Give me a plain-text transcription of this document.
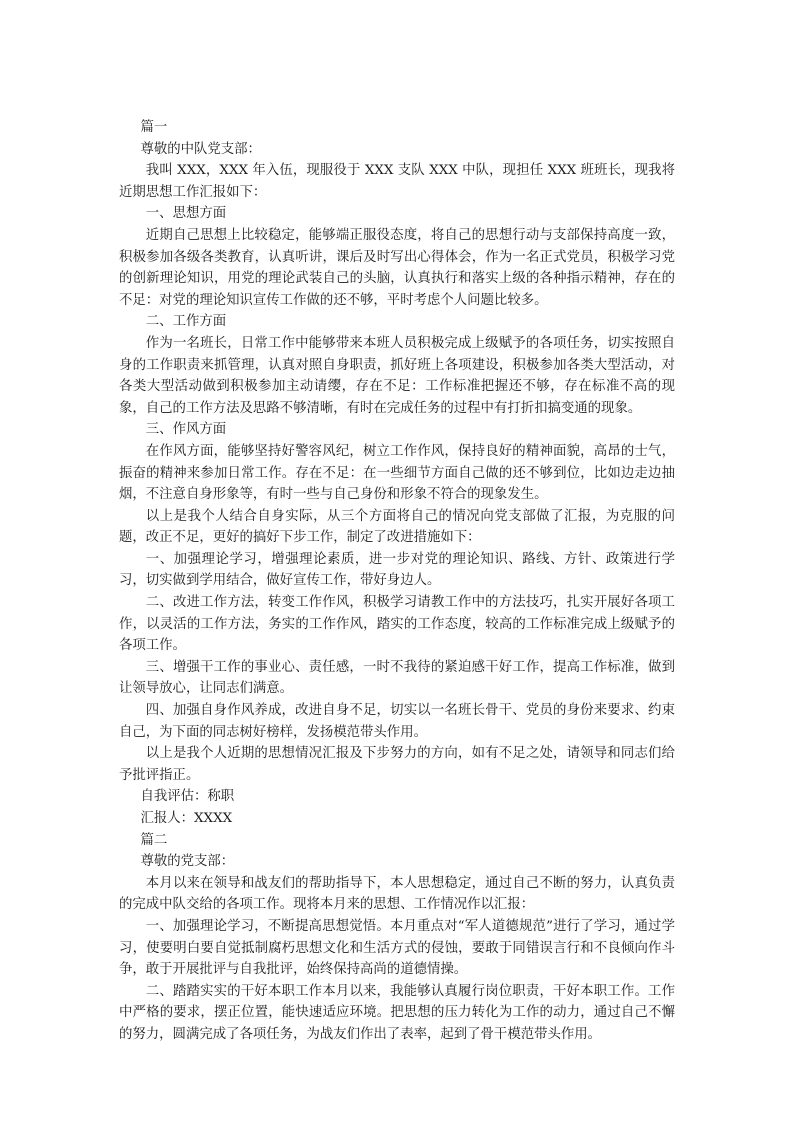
篇一

尊敬的中队党支部：

我叫 XXX，XXX 年入伍，现服役于 XXX 支队 XXX 中队，现担任 XXX 班班长，现我将近期思想工作汇报如下：

一、思想方面

近期自己思想上比较稳定，能够端正服役态度，将自己的思想行动与支部保持高度一致，积极参加各级各类教育，认真听讲，课后及时写出心得体会，作为一名正式党员，积极学习党的创新理论知识，用党的理论武装自己的头脑，认真执行和落实上级的各种指示精神，存在的不足：对党的理论知识宣传工作做的还不够，平时考虑个人问题比较多。

二、工作方面

作为一名班长，日常工作中能够带来本班人员积极完成上级赋予的各项任务，切实按照自身的工作职责来抓管理，认真对照自身职责，抓好班上各项建设，积极参加各类大型活动，对各类大型活动做到积极参加主动请缨，存在不足：工作标准把握还不够，存在标准不高的现象，自己的工作方法及思路不够清晰，有时在完成任务的过程中有打折扣搞变通的现象。

三、作风方面

在作风方面，能够坚持好警容风纪，树立工作作风，保持良好的精神面貌，高昂的士气，振奋的精神来参加日常工作。存在不足：在一些细节方面自己做的还不够到位，比如边走边抽烟，不注意自身形象等，有时一些与自己身份和形象不符合的现象发生。

以上是我个人结合自身实际，从三个方面将自己的情况向党支部做了汇报，为克服的问题，改正不足，更好的搞好下步工作，制定了改进措施如下：

一、加强理论学习，增强理论素质，进一步对党的理论知识、路线、方针、政策进行学习，切实做到学用结合，做好宣传工作，带好身边人。

二、改进工作方法，转变工作作风，积极学习请教工作中的方法技巧，扎实开展好各项工作，以灵活的工作方法，务实的工作作风，踏实的工作态度，较高的工作标准完成上级赋予的各项工作。

三、增强干工作的事业心、责任感，一时不我待的紧迫感干好工作，提高工作标准，做到让领导放心，让同志们满意。

四、加强自身作风养成，改进自身不足，切实以一名班长骨干、党员的身份来要求、约束自己，为下面的同志树好榜样，发扬模范带头作用。

以上是我个人近期的思想情况汇报及下步努力的方向，如有不足之处，请领导和同志们给予批评指正。

自我评估：称职

汇报人：XXXX

篇二

尊敬的党支部：

本月以来在领导和战友们的帮助指导下，本人思想稳定，通过自己不断的努力，认真负责的完成中队交给的各项工作。现将本月来的思想、工作情况作以汇报：

一、加强理论学习，不断提高思想觉悟。本月重点对“军人道德规范”进行了学习，通过学习，使要明白要自觉抵制腐朽思想文化和生活方式的侵蚀，要敢于同错误言行和不良倾向作斗争，敢于开展批评与自我批评，始终保持高尚的道德情操。

二、踏踏实实的干好本职工作本月以来，我能够认真履行岗位职责，干好本职工作。工作中严格的要求，摆正位置，能快速适应环境。把思想的压力转化为工作的动力，通过自己不懈的努力，圆满完成了各项任务，为战友们作出了表率，起到了骨干模范带头作用。
